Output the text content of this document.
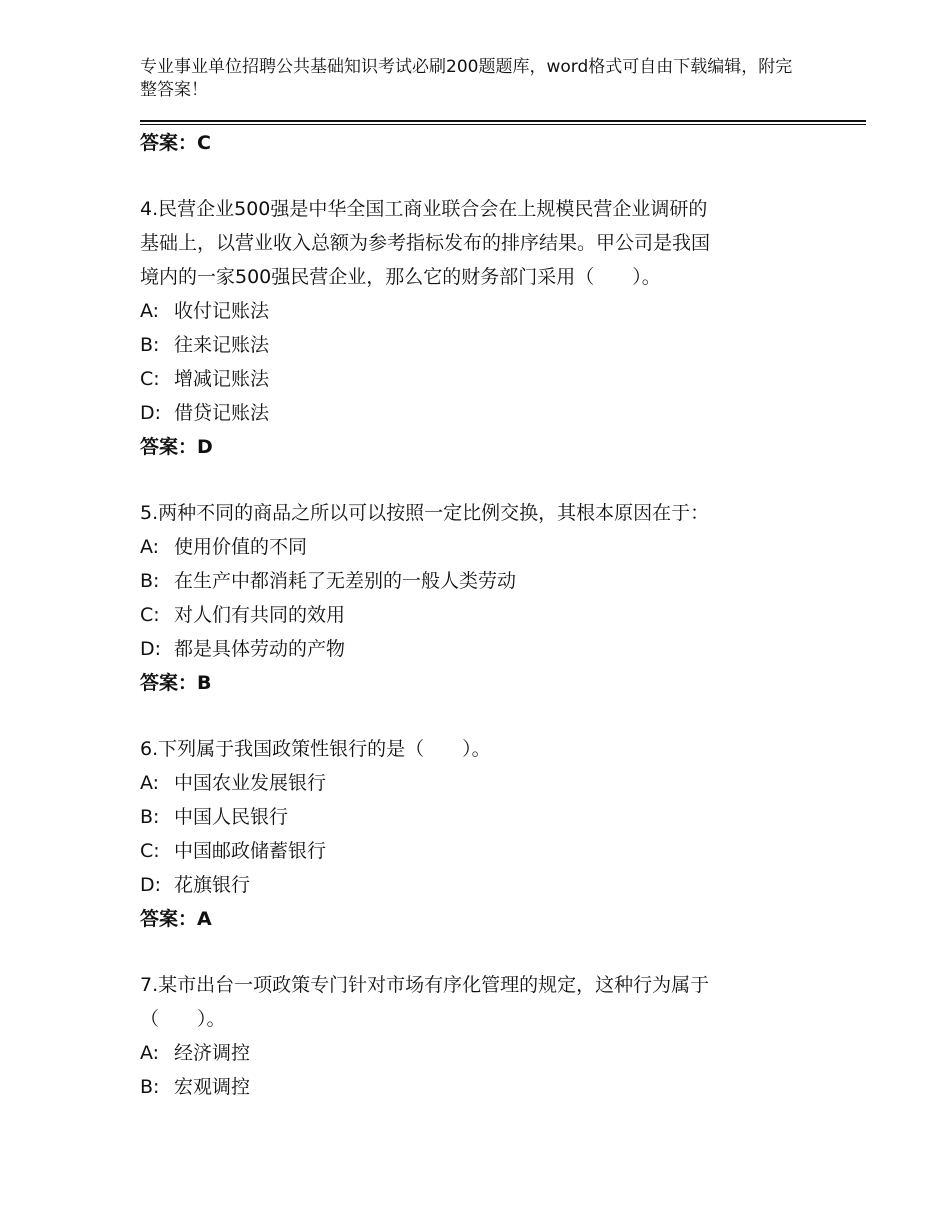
专业事业单位招聘公共基础知识考试必刷200题题库，word格式可自由下载编辑，附完整答案！
答案：C
4.民营企业500强是中华全国工商业联合会在上规模民营企业调研的
基础上，以营业收入总额为参考指标发布的排序结果。甲公司是我国
境内的一家500强民营企业，那么它的财务部门采用（　　）。
A: 收付记账法
B: 往来记账法
C: 增减记账法
D: 借贷记账法
答案：D
5.两种不同的商品之所以可以按照一定比例交换，其根本原因在于：
A: 使用价值的不同
B: 在生产中都消耗了无差别的一般人类劳动
C: 对人们有共同的效用
D: 都是具体劳动的产物
答案：B
6.下列属于我国政策性银行的是（　　）。
A: 中国农业发展银行
B: 中国人民银行
C: 中国邮政储蓄银行
D: 花旗银行
答案：A
7.某市出台一项政策专门针对市场有序化管理的规定，这种行为属于
（　　）。
A: 经济调控
B: 宏观调控
